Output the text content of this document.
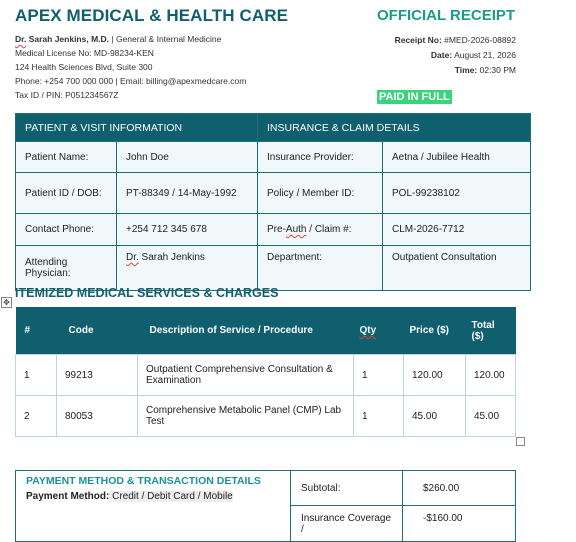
APEX MEDICAL & HEALTH CARE	OFFICIAL RECEIPT
Dr. Sarah Jenkins, M.D. | General & Internal Medicine
Medical License No: MD-98234-KEN
124 Health Sciences Blvd, Suite 300
Phone: +254 700 000 000 | Email: billing@apexmedcare.com
Tax ID / PIN: P051234567Z
Receipt No: #MED-2026-08892
Date: August 21, 2026
Time: 02:30 PM
PAID IN FULL
PATIENT & VISIT INFORMATION		INSURANCE & CLAIM DETAILS	
Patient Name:	John Doe	Insurance Provider:	Aetna / Jubilee Health
Patient ID / DOB:	PT-88349 / 14-May-1992	Policy / Member ID:	POL-99238102
Contact Phone:	+254 712 345 678	Pre-Auth / Claim #:	CLM-2026-7712
Attending Physician:	Dr. Sarah Jenkins	Department:	Outpatient Consultation
✥
ITEMIZED MEDICAL SERVICES & CHARGES
#	Code	Description of Service / Procedure	Qty	Price ($)	Total ($)
1	99213	Outpatient Comprehensive Consultation & Examination	1	120.00	120.00
2	80053	Comprehensive Metabolic Panel (CMP) Lab Test	1	45.00	45.00
PAYMENT METHOD & TRANSACTION DETAILS
Payment Method: Credit / Debit Card / Mobile	Subtotal:	$260.00
	Insurance Coverage /	-$160.00
